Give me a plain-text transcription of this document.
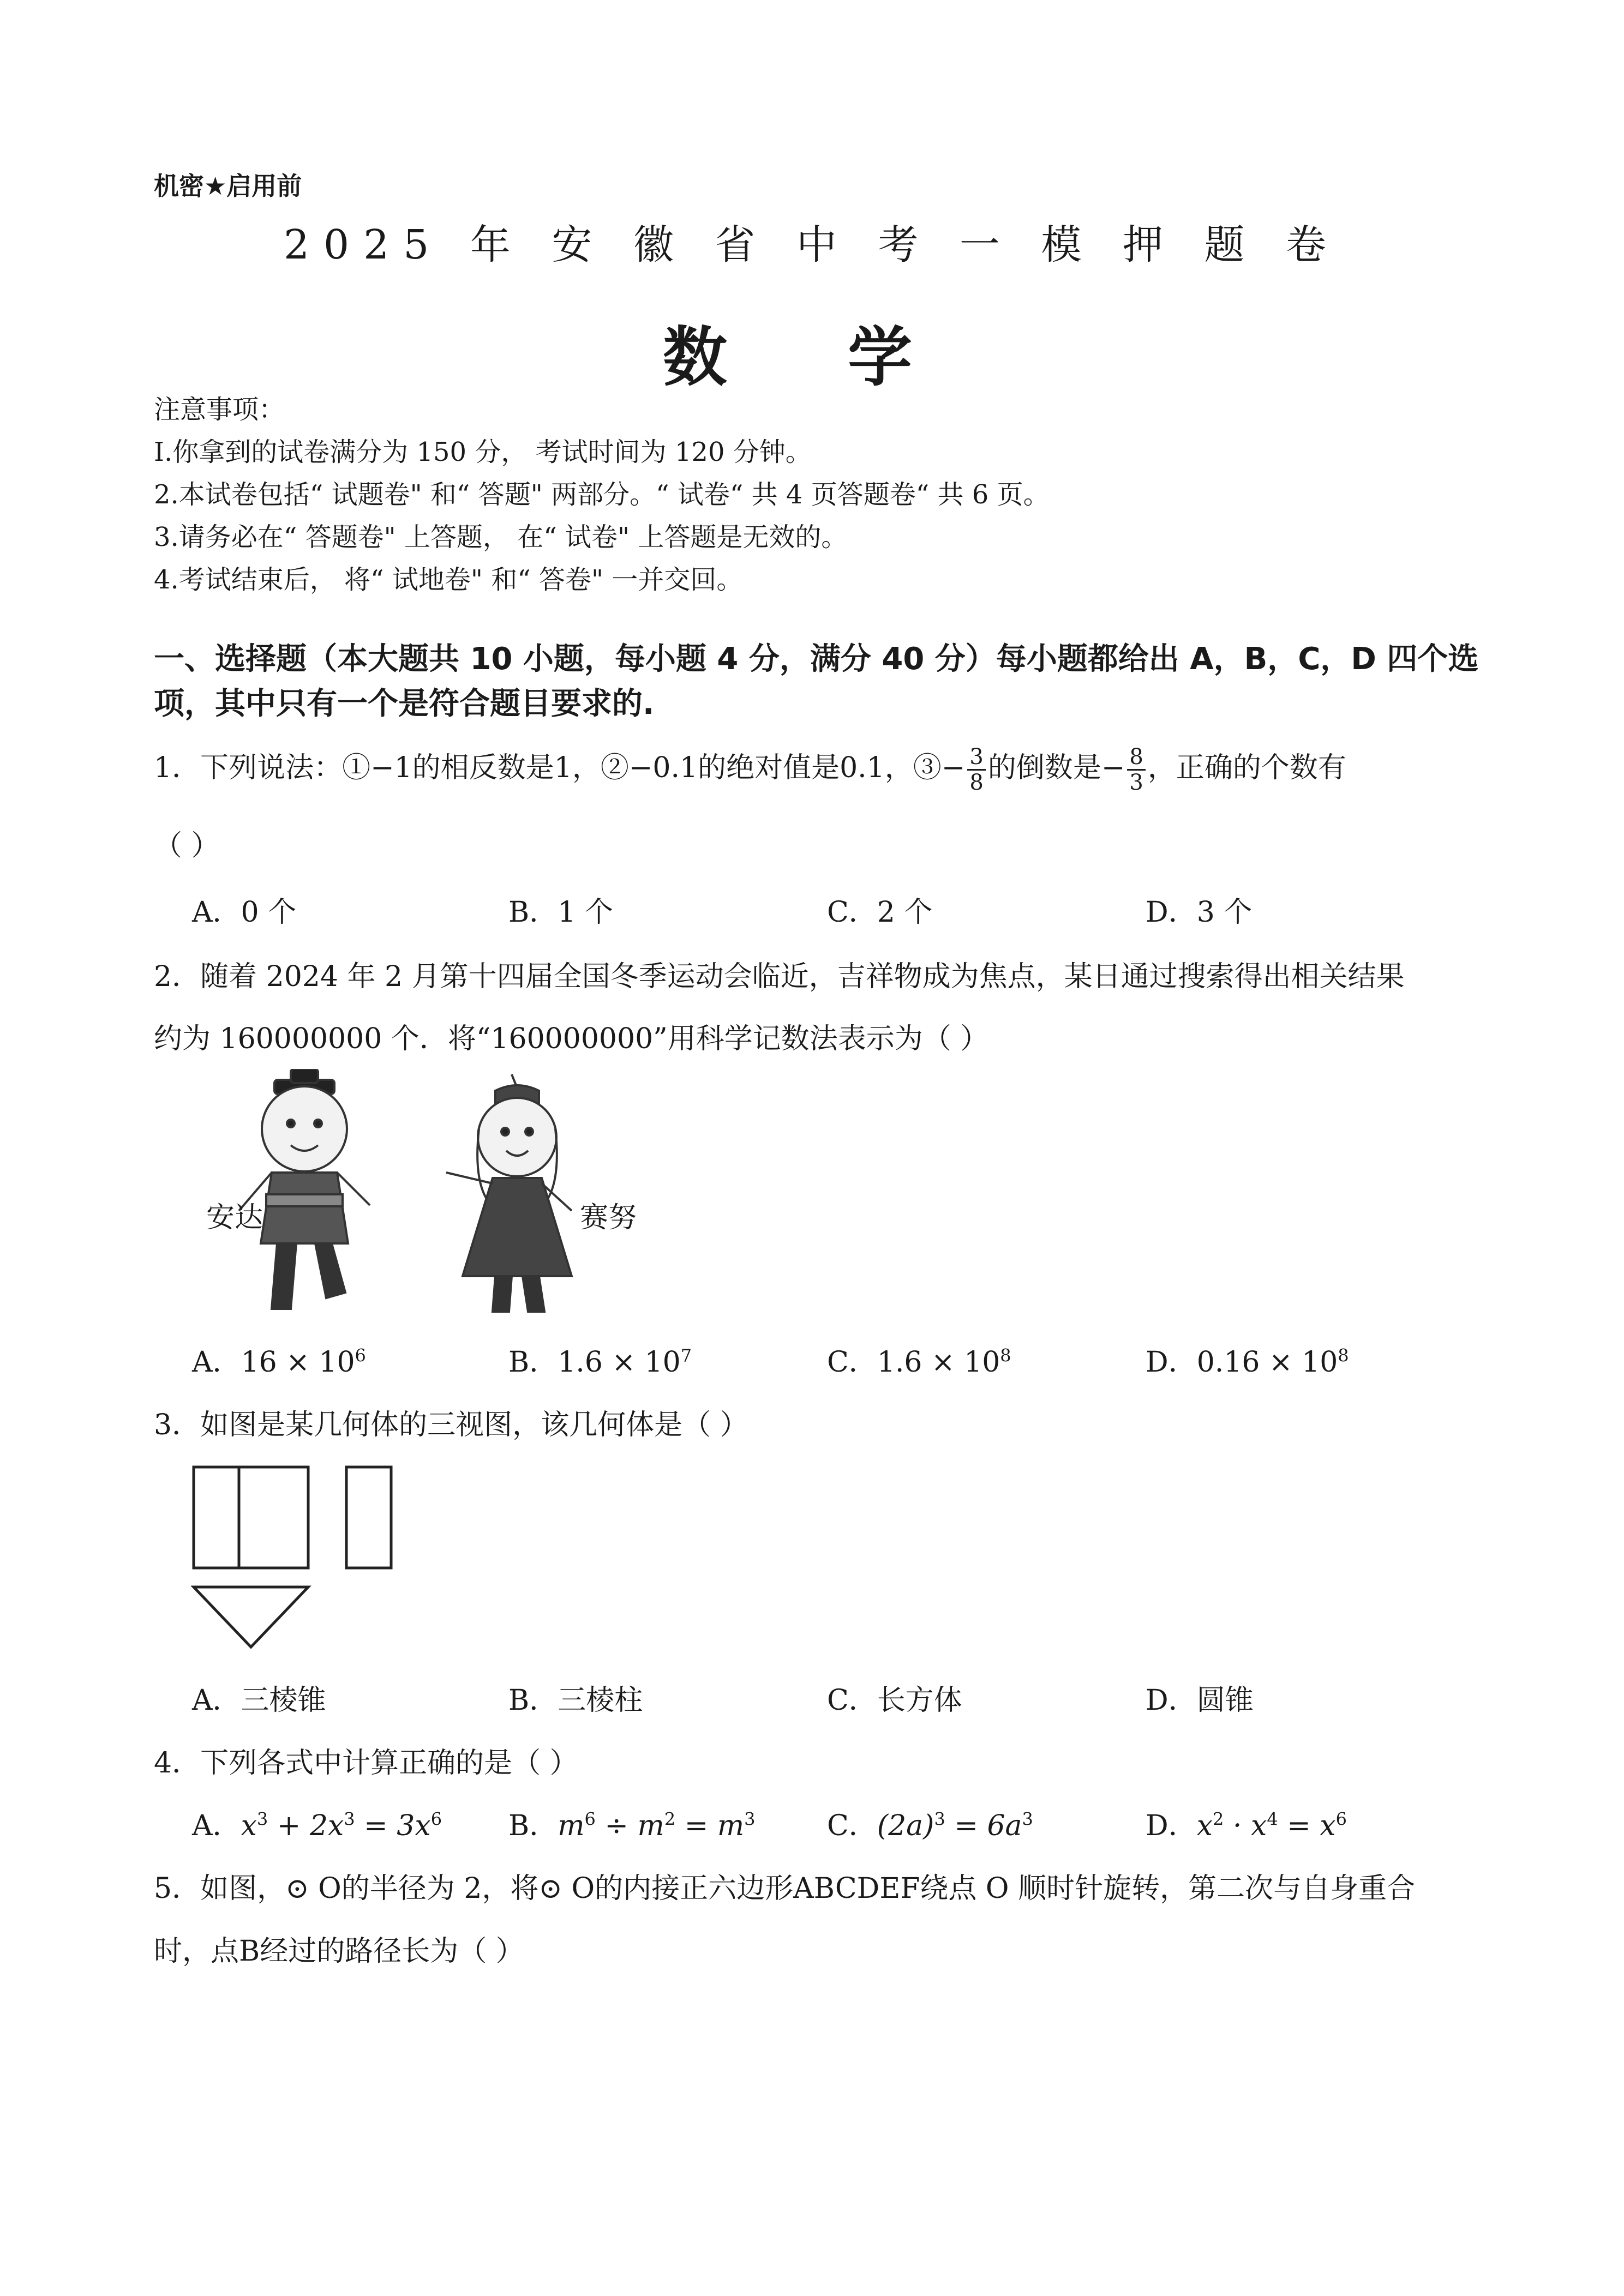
机密★启用前
2025 年 安 徽 省 中 考 一 模 押 题 卷
数 学
注意事项：
I.你拿到的试卷满分为 150 分， 考试时间为 120 分钟。
2.本试卷包括“ 试题卷" 和“ 答题" 两部分。“ 试卷“ 共 4 页答题卷“ 共 6 页。
3.请务必在“ 答题卷" 上答题， 在“ 试卷" 上答题是无效的。
4.考试结束后， 将“ 试地卷" 和“ 答卷" 一并交回。
一、选择题（本大题共 10 小题，每小题 4 分，满分 40 分）每小题都给出 A，B，C，D 四个选项，其中只有一个是符合题目要求的.
1．下列说法：①−1的相反数是1，②−0.1的绝对值是0.1，③− $\frac{3}{8}$ 的倒数是− $\frac{8}{3}$ ，正确的个数有
（ ）
A．0 个	B．1 个	C．2 个	D．3 个
2．随着 2024 年 2 月第十四届全国冬季运动会临近，吉祥物成为焦点，某日通过搜索得出相关结果
约为 160000000 个．将“160000000”用科学记数法表示为（ ）
安达	赛努
A．$16 \times 10^6$	B．$1.6 \times 10^7$	C．$1.6 \times 10^8$	D．$0.16 \times 10^8$
3．如图是某几何体的三视图，该几何体是（ ）
A．三棱锥	B．三棱柱	C．长方体	D．圆锥
4．下列各式中计算正确的是（ ）
A．$x^3 + 2x^3 = 3x^6$ B．$m^6 \div m^2 = m^3$	C．$(2a)^3 = 6a^3$	D．$x^2 \cdot x^4 = x^6$
5．如图，⊙ O的半径为 2，将⊙ O的内接正六边形ABCDEF绕点 O 顺时针旋转，第二次与自身重合
时，点B经过的路径长为（ ）
